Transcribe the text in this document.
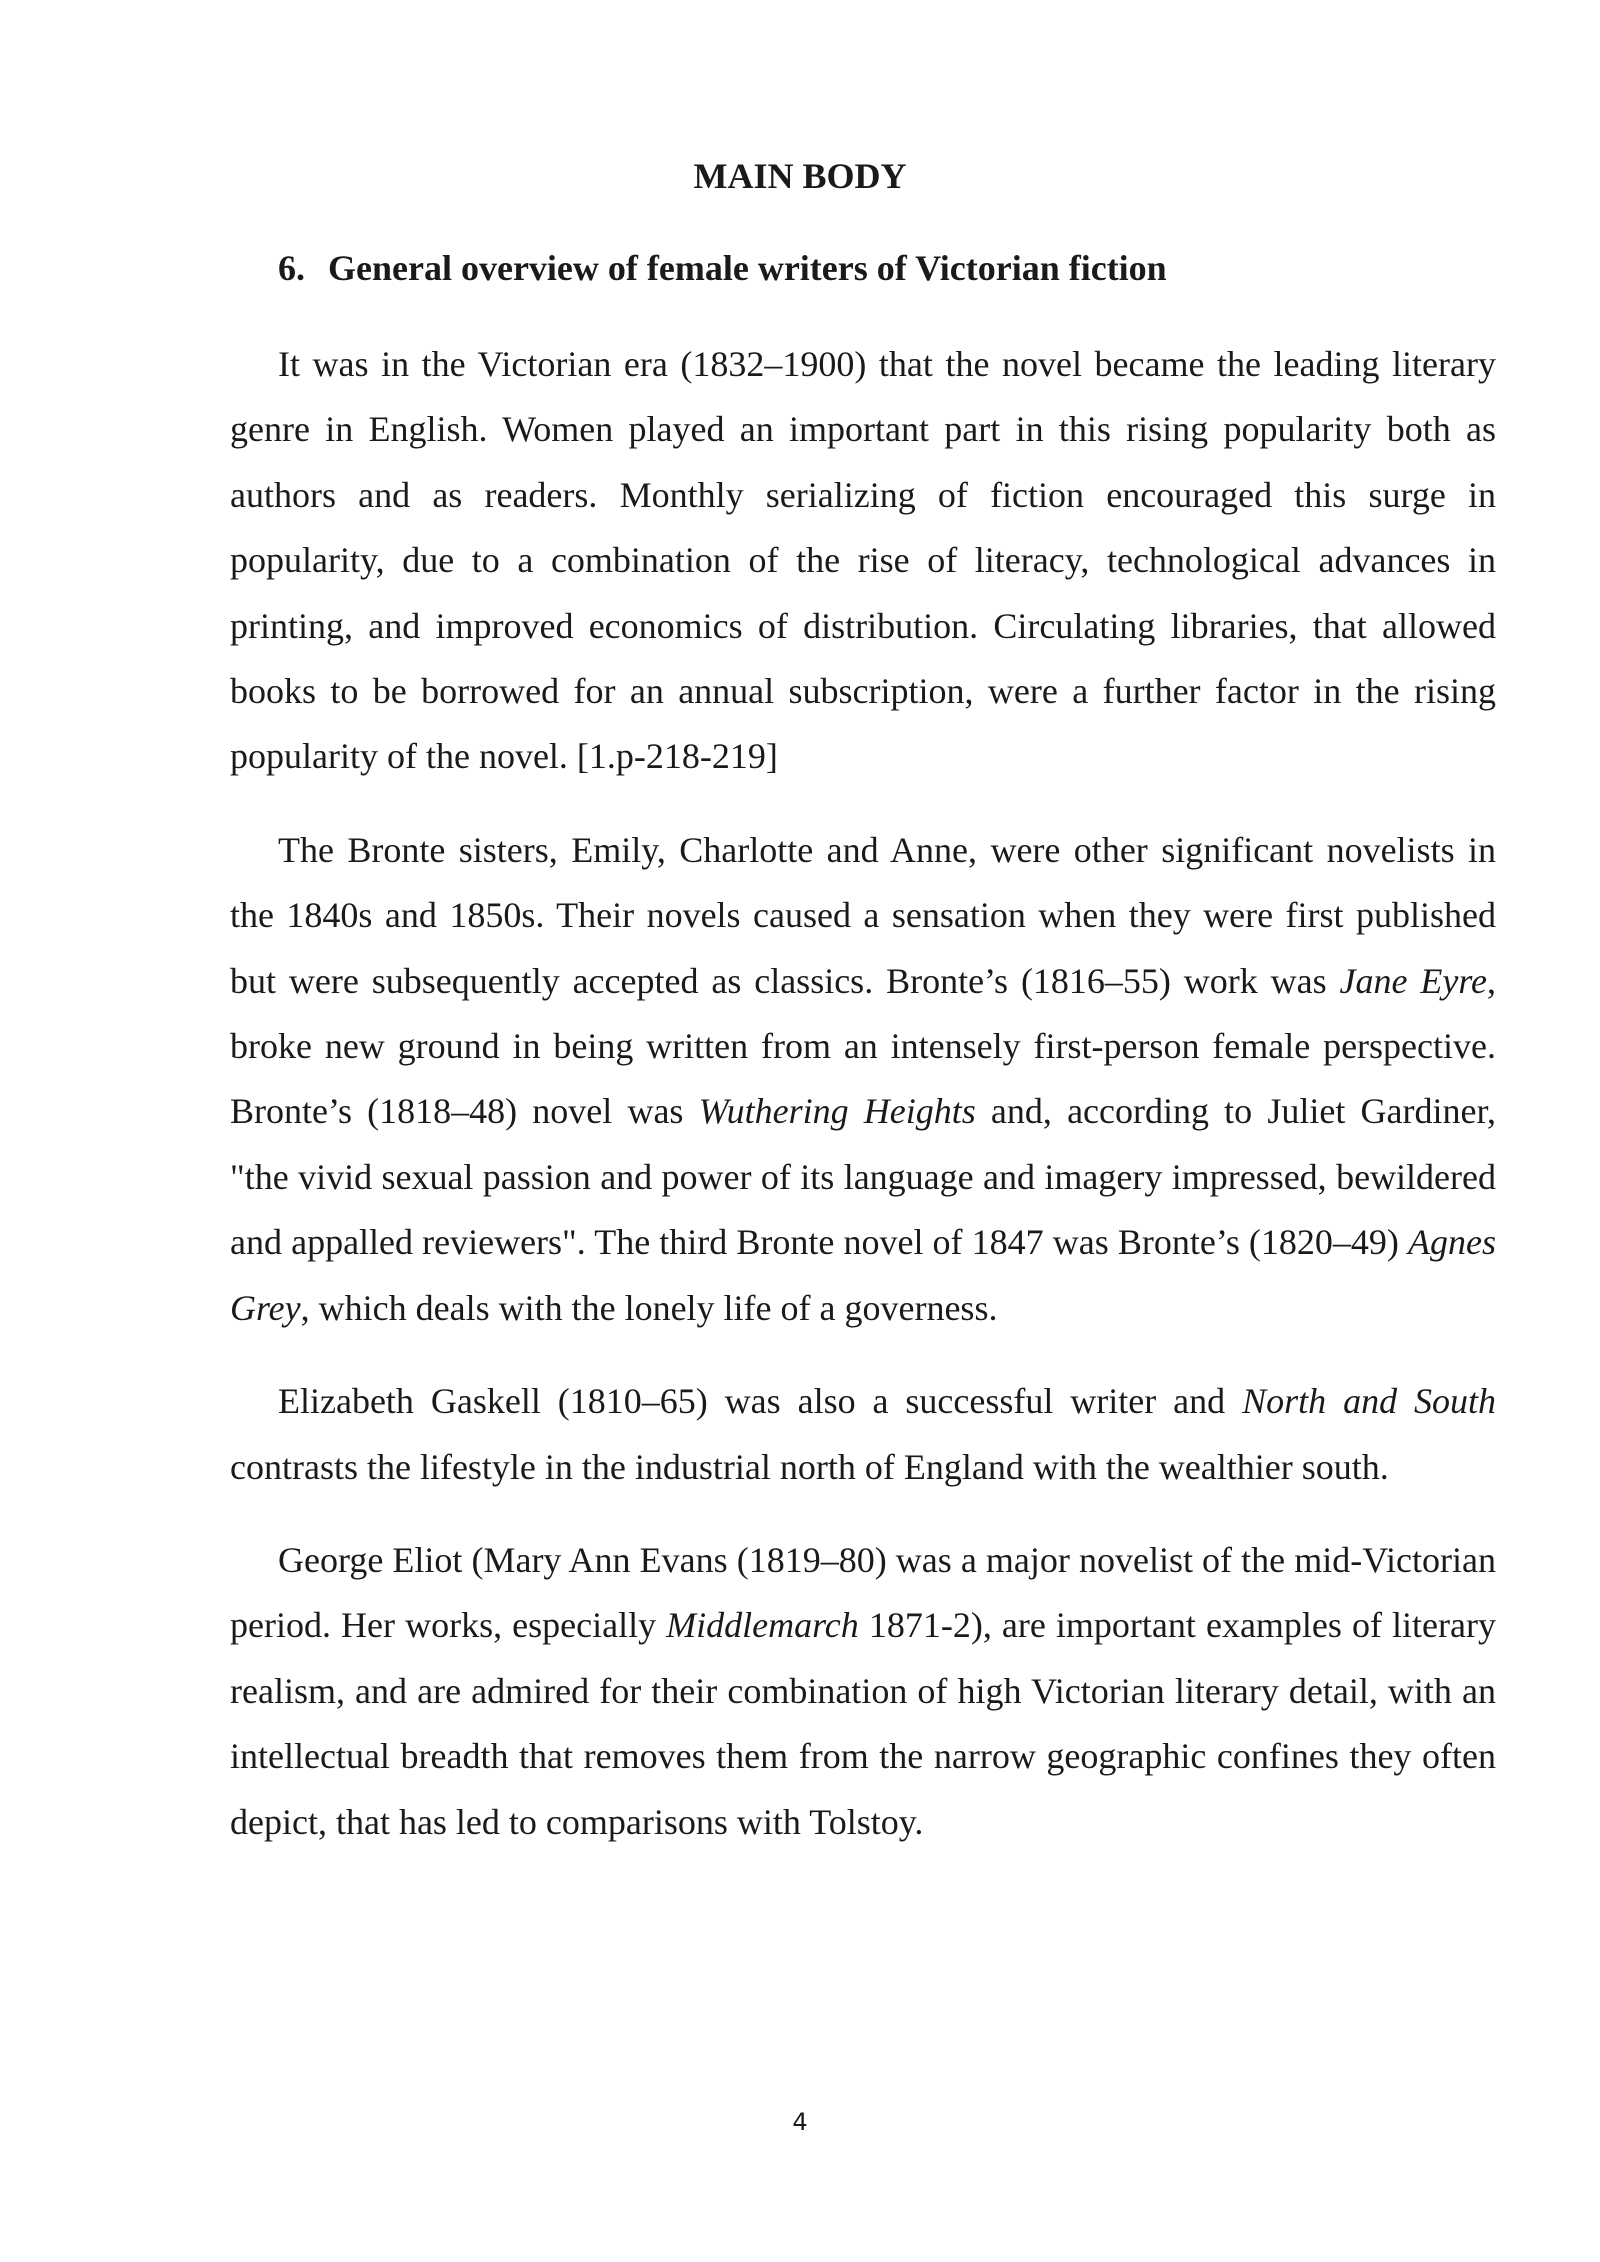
MAIN BODY
6. General overview of female writers of Victorian fiction

It was in the Victorian era (1832–1900) that the novel became the leading literary genre in English. Women played an important part in this rising popularity both as authors and as readers. Monthly serializing of fiction encouraged this surge in popularity, due to a combination of the rise of literacy, technological advances in printing, and improved economics of distribution. Circulating libraries, that allowed books to be borrowed for an annual subscription, were a further factor in the rising popularity of the novel. [1.p-218-219]

The Bronte sisters, Emily, Charlotte and Anne, were other significant novelists in the 1840s and 1850s. Their novels caused a sensation when they were first published but were subsequently accepted as classics. Bronte’s (1816–55) work was Jane Eyre, broke new ground in being written from an intensely first-person female perspective. Bronte’s (1818–48) novel was Wuthering Heights and, according to Juliet Gardiner, "the vivid sexual passion and power of its language and imagery impressed, bewildered and appalled reviewers". The third Bronte novel of 1847 was Bronte’s (1820–49) Agnes Grey, which deals with the lonely life of a governess.

Elizabeth Gaskell (1810–65) was also a successful writer and North and South contrasts the lifestyle in the industrial north of England with the wealthier south.

George Eliot (Mary Ann Evans (1819–80) was a major novelist of the mid-Victorian period. Her works, especially Middlemarch 1871-2), are important examples of literary realism, and are admired for their combination of high Victorian literary detail, with an intellectual breadth that removes them from the narrow geographic confines they often depict, that has led to comparisons with Tolstoy.

4
